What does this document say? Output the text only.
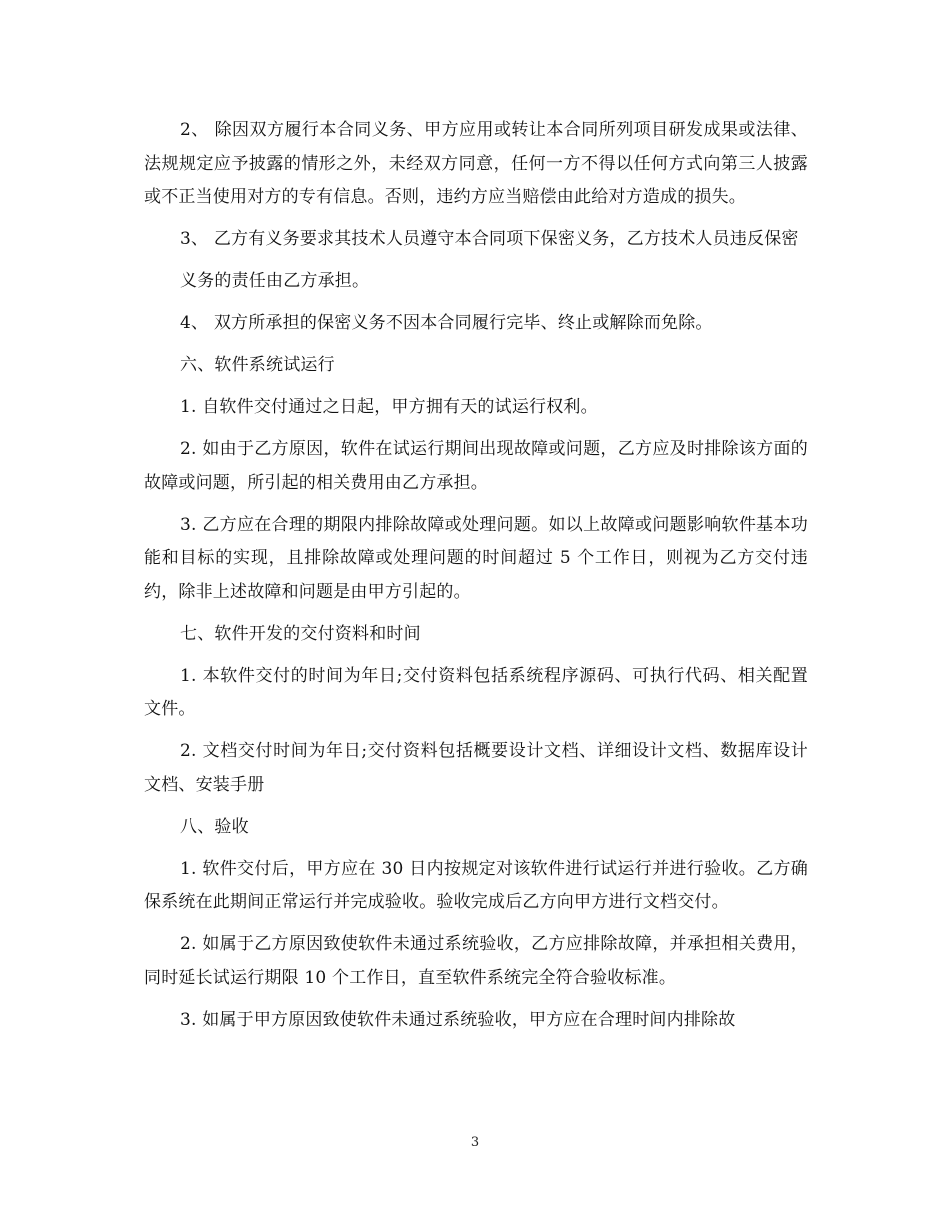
2、 除因双方履行本合同义务、甲方应用或转让本合同所列项目研发成果或法律、法规规定应予披露的情形之外，未经双方同意，任何一方不得以任何方式向第三人披露或不正当使用对方的专有信息。否则，违约方应当赔偿由此给对方造成的损失。

3、 乙方有义务要求其技术人员遵守本合同项下保密义务，乙方技术人员违反保密

义务的责任由乙方承担。

4、 双方所承担的保密义务不因本合同履行完毕、终止或解除而免除。

六、软件系统试运行

1. 自软件交付通过之日起，甲方拥有天的试运行权利。

2. 如由于乙方原因，软件在试运行期间出现故障或问题，乙方应及时排除该方面的故障或问题，所引起的相关费用由乙方承担。

3. 乙方应在合理的期限内排除故障或处理问题。如以上故障或问题影响软件基本功能和目标的实现，且排除故障或处理问题的时间超过 5 个工作日，则视为乙方交付违约，除非上述故障和问题是由甲方引起的。

七、软件开发的交付资料和时间

1. 本软件交付的时间为年日;交付资料包括系统程序源码、可执行代码、相关配置文件。

2. 文档交付时间为年日;交付资料包括概要设计文档、详细设计文档、数据库设计文档、安装手册

八、验收

1. 软件交付后，甲方应在 30 日内按规定对该软件进行试运行并进行验收。乙方确保系统在此期间正常运行并完成验收。验收完成后乙方向甲方进行文档交付。

2. 如属于乙方原因致使软件未通过系统验收，乙方应排除故障，并承担相关费用，同时延长试运行期限 10 个工作日，直至软件系统完全符合验收标准。

3. 如属于甲方原因致使软件未通过系统验收，甲方应在合理时间内排除故

3
